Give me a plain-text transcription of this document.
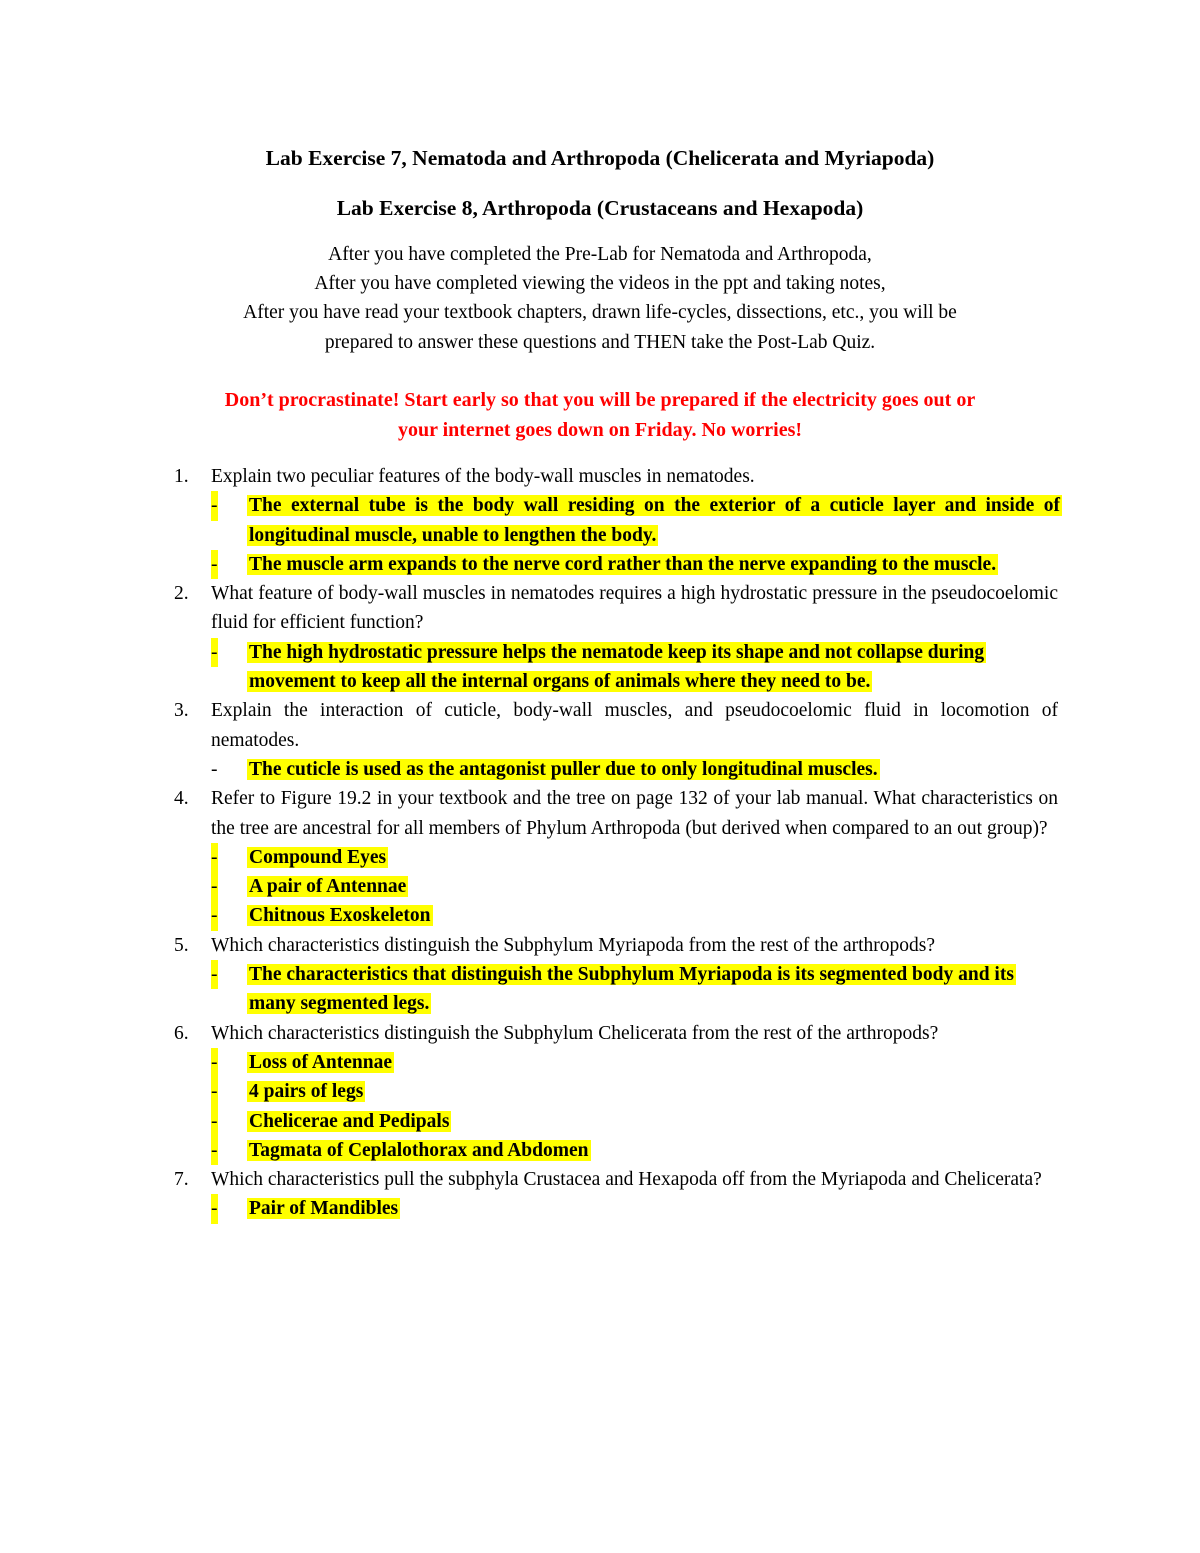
Lab Exercise 7, Nematoda and Arthropoda (Chelicerata and Myriapoda)
Lab Exercise 8, Arthropoda (Crustaceans and Hexapoda)
After you have completed the Pre-Lab for Nematoda and Arthropoda,
After you have completed viewing the videos in the ppt and taking notes,
After you have read your textbook chapters, drawn life-cycles, dissections, etc., you will be
prepared to answer these questions and THEN take the Post-Lab Quiz.
Don’t procrastinate! Start early so that you will be prepared if the electricity goes out or
your internet goes down on Friday. No worries!
1.	Explain two peculiar features of the body-wall muscles in nematodes.
- The external tube is the body wall residing on the exterior of a cuticle layer and inside of longitudinal muscle, unable to lengthen the body.
- The muscle arm expands to the nerve cord rather than the nerve expanding to the muscle.
2.	What feature of body-wall muscles in nematodes requires a high hydrostatic pressure in the pseudocoelomic fluid for efficient function?
- The high hydrostatic pressure helps the nematode keep its shape and not collapse during movement to keep all the internal organs of animals where they need to be.
3.	Explain the interaction of cuticle, body-wall muscles, and pseudocoelomic fluid in locomotion of nematodes.
- The cuticle is used as the antagonist puller due to only longitudinal muscles.
4.	Refer to Figure 19.2 in your textbook and the tree on page 132 of your lab manual. What characteristics on the tree are ancestral for all members of Phylum Arthropoda (but derived when compared to an out group)?
- Compound Eyes
- A pair of Antennae
- Chitnous Exoskeleton
5.	Which characteristics distinguish the Subphylum Myriapoda from the rest of the arthropods?
- The characteristics that distinguish the Subphylum Myriapoda is its segmented body and its many segmented legs.
6.	Which characteristics distinguish the Subphylum Chelicerata from the rest of the arthropods?
- Loss of Antennae
- 4 pairs of legs
- Chelicerae and Pedipals
- Tagmata of Ceplalothorax and Abdomen
7.	Which characteristics pull the subphyla Crustacea and Hexapoda off from the Myriapoda and Chelicerata?
- Pair of Mandibles
